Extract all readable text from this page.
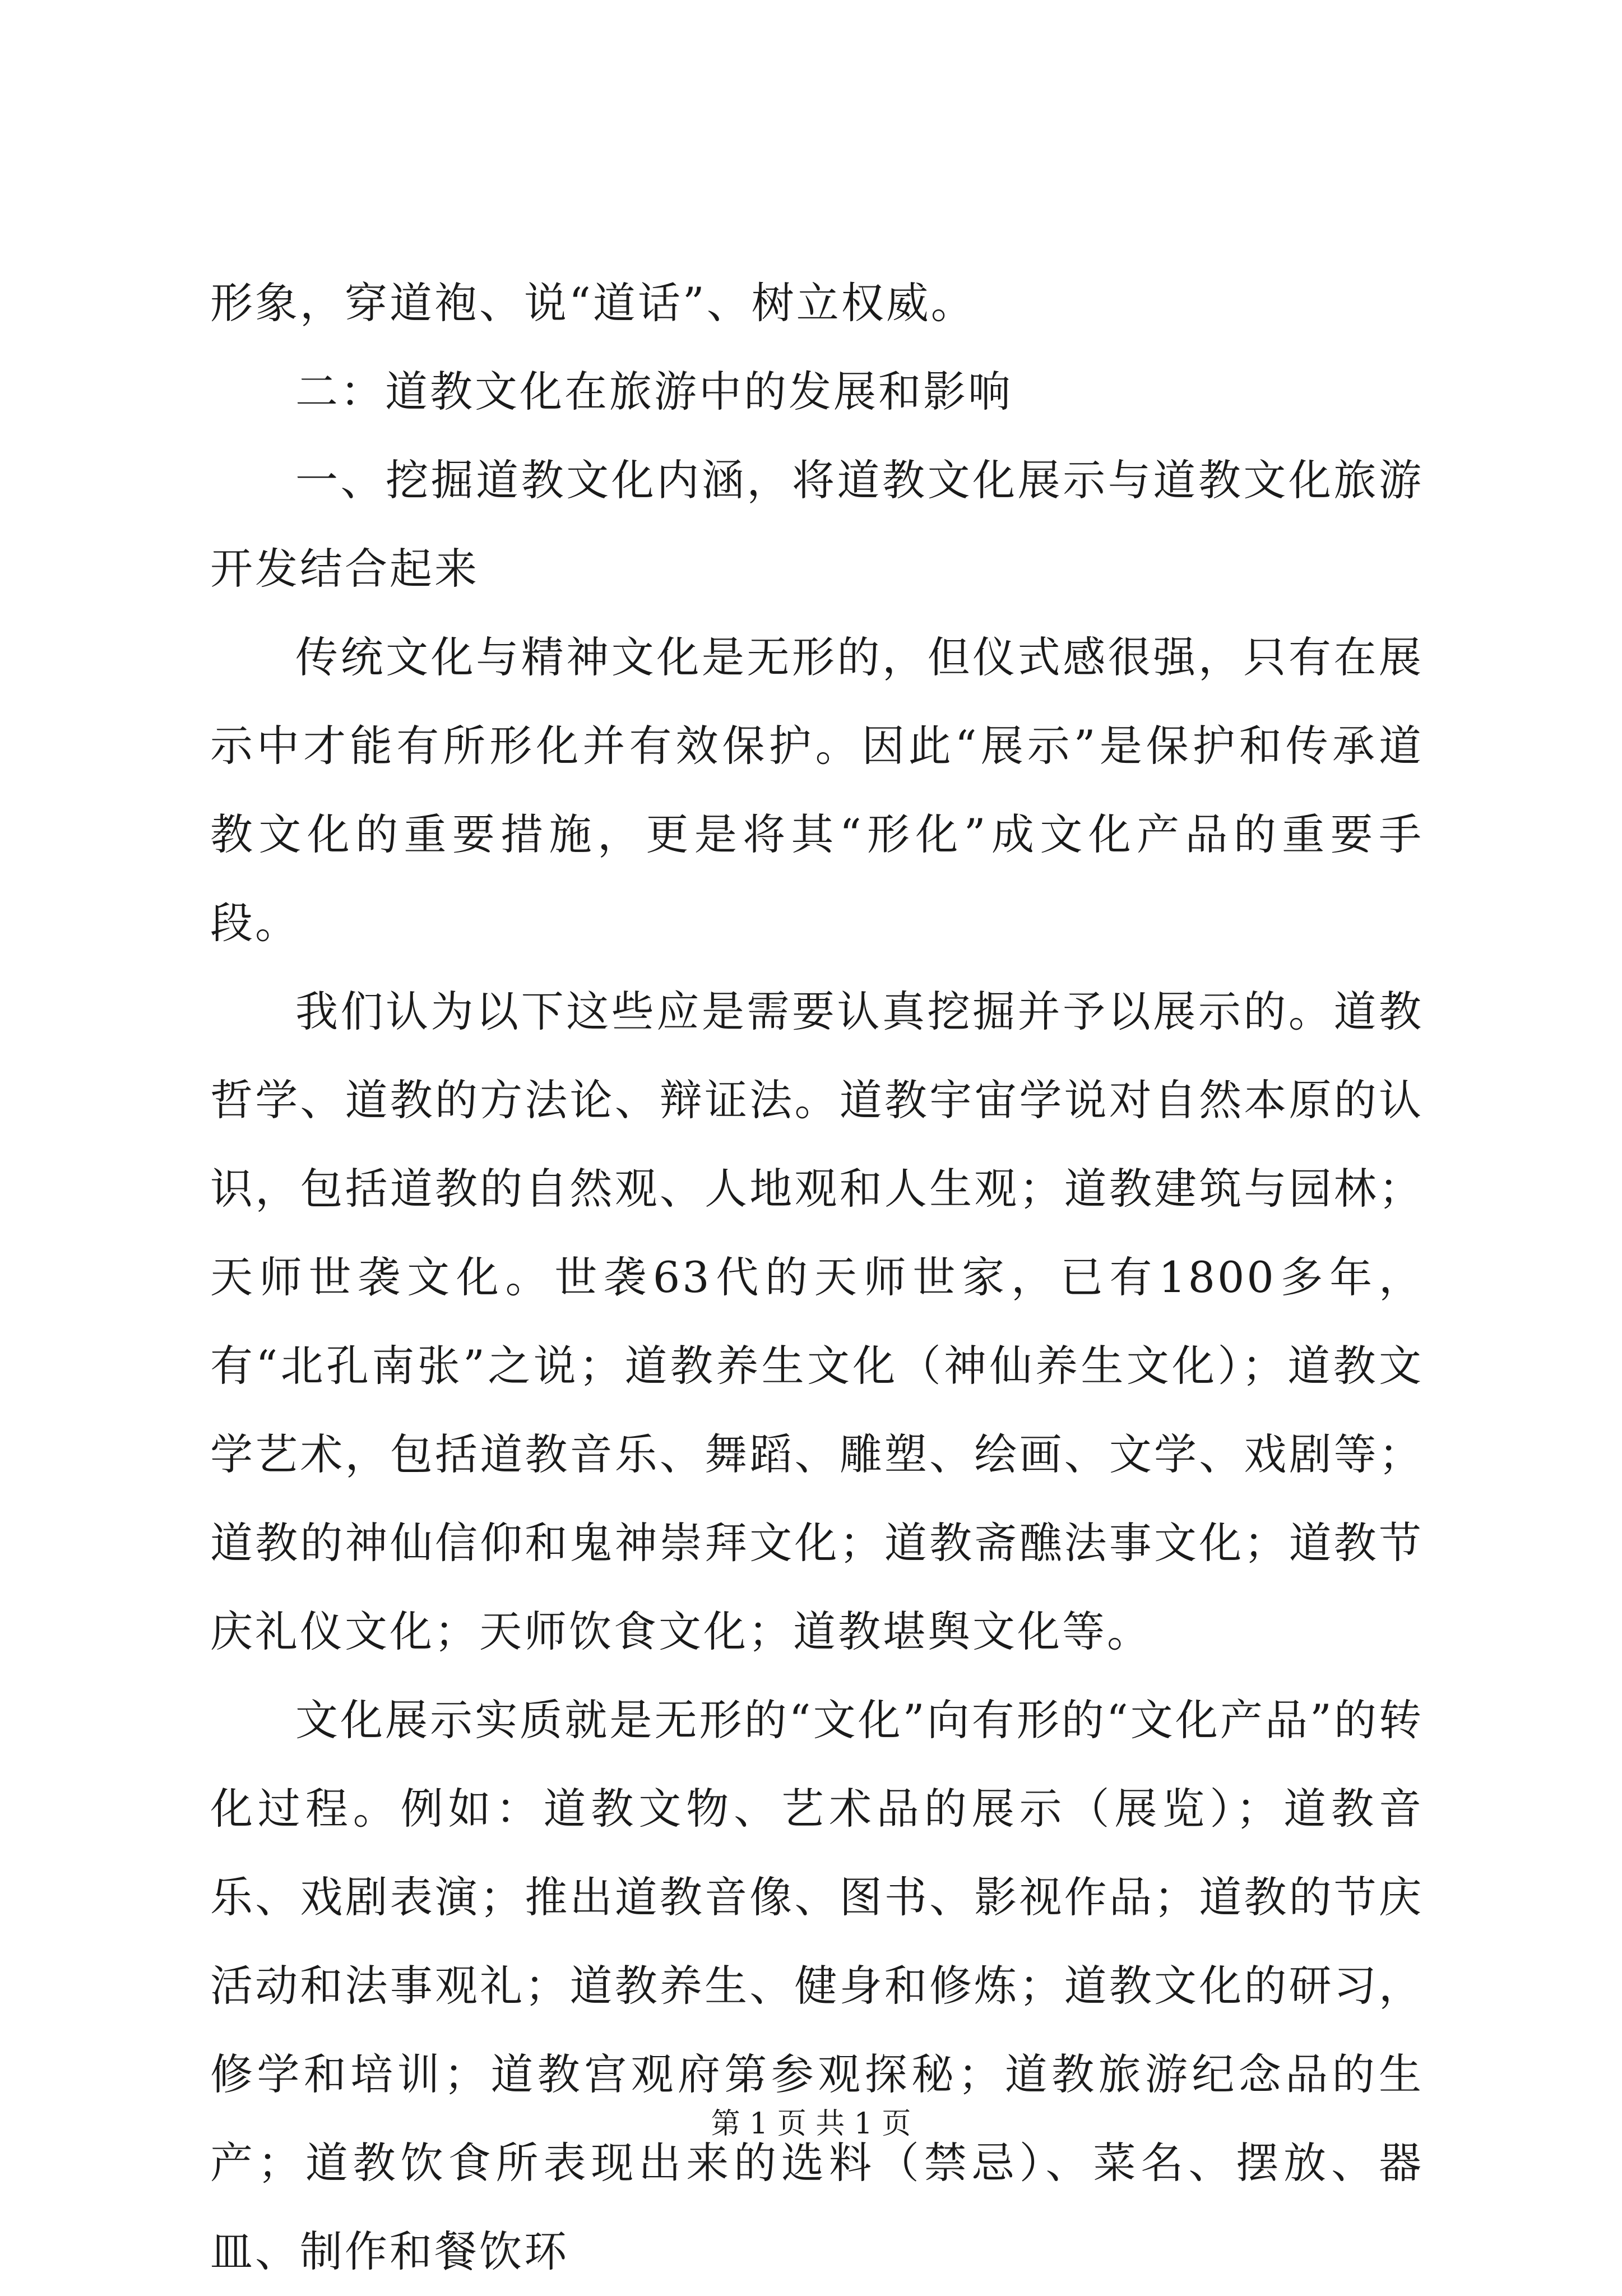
形象，穿道袍、说“道话”、树立权威。

二：道教文化在旅游中的发展和影响

一、挖掘道教文化内涵，将道教文化展示与道教文化旅游开发结合起来

传统文化与精神文化是无形的，但仪式感很强，只有在展示中才能有所形化并有效保护。因此“展示”是保护和传承道教文化的重要措施，更是将其“形化”成文化产品的重要手段。

我们认为以下这些应是需要认真挖掘并予以展示的。道教哲学、道教的方法论、辩证法。道教宇宙学说对自然本原的认识，包括道教的自然观、人地观和人生观；道教建筑与园林；天师世袭文化。世袭63代的天师世家，已有1800多年，有“北孔南张”之说；道教养生文化（神仙养生文化）；道教文学艺术，包括道教音乐、舞蹈、雕塑、绘画、文学、戏剧等；道教的神仙信仰和鬼神崇拜文化；道教斋醮法事文化；道教节庆礼仪文化；天师饮食文化；道教堪舆文化等。

文化展示实质就是无形的“文化”向有形的“文化产品”的转化过程。例如：道教文物、艺术品的展示（展览）；道教音乐、戏剧表演；推出道教音像、图书、影视作品；道教的节庆活动和法事观礼；道教养生、健身和修炼；道教文化的研习，修学和培训；道教宫观府第参观探秘；道教旅游纪念品的生产；道教饮食所表现出来的选料（禁忌）、菜名、摆放、器皿、制作和餐饮环

第 1 页 共 1 页
